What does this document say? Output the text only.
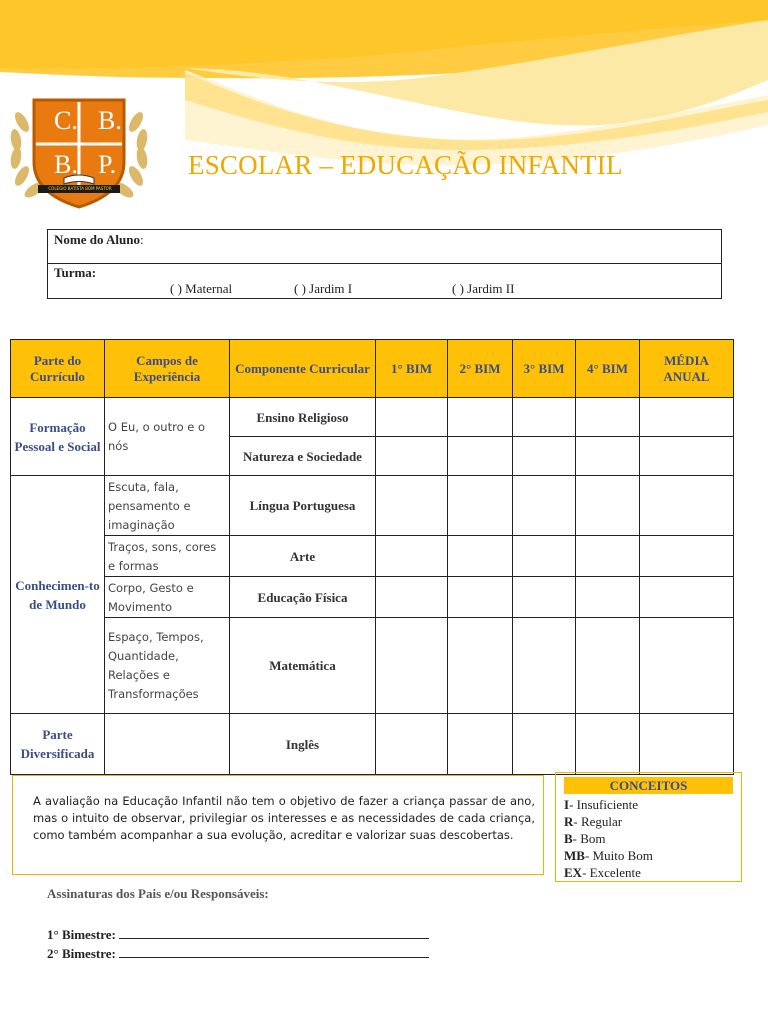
C. B.
B. P.
COLÉGIO BATISTA BOM PASTOR
ESCOLAR – EDUCAÇÃO INFANTIL
Nome do Aluno:
Turma:
( ) Maternal	( ) Jardim I	( ) Jardim II
Parte do Currículo	Campos de Experiência	Componente Curricular	1° BIM	2° BIM	3° BIM	4° BIM	MÉDIA ANUAL
Formação Pessoal e Social	O Eu, o outro e o nós	Ensino Religioso					
		Natureza e Sociedade					
Conhecimen-to de Mundo	Escuta, fala, pensamento e imaginação	Língua Portuguesa					
	Traços, sons, cores e formas	Arte					
	Corpo, Gesto e Movimento	Educação Física					
	Espaço, Tempos, Quantidade, Relações e Transformações	Matemática					
Parte Diversificada		Inglês					
A avaliação na Educação Infantil não tem o objetivo de fazer a criança passar de ano, mas o intuito de observar, privilegiar os interesses e as necessidades de cada criança, como também acompanhar a sua evolução, acreditar e valorizar suas descobertas.
CONCEITOS
I- Insuficiente
R- Regular
B- Bom
MB- Muito Bom
EX- Excelente
Assinaturas dos Pais e/ou Responsáveis:
1° Bimestre:
2° Bimestre:
